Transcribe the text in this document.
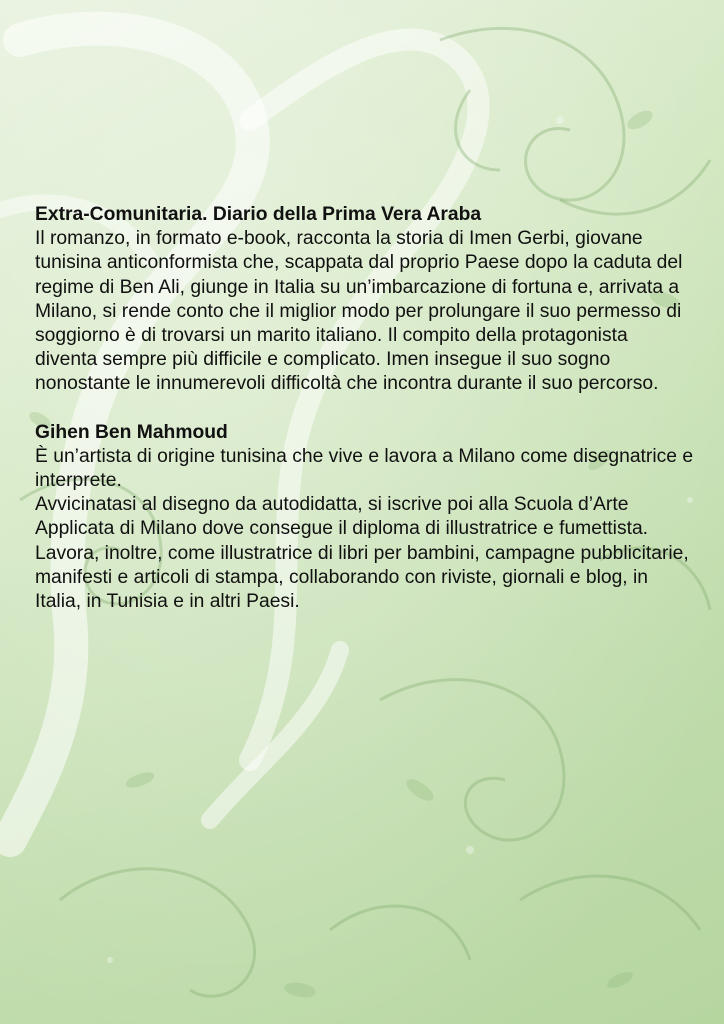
Extra-Comunitaria. Diario della Prima Vera Araba
Il romanzo, in formato e-book, racconta la storia di Imen Gerbi, giovane tunisina anticonformista che, scappata dal proprio Paese dopo la caduta del regime di Ben Ali, giunge in Italia su un’imbarcazione di fortuna e, arrivata a Milano, si rende conto che il miglior modo per prolungare il suo permesso di soggiorno è di trovarsi un marito italiano. Il compito della protagonista diventa sempre più difficile e complicato. Imen insegue il suo sogno nonostante le innumerevoli difficoltà che incontra durante il suo percorso.
Gihen Ben Mahmoud
È un’artista di origine tunisina che vive e lavora a Milano come disegnatrice e interprete.
Avvicinatasi al disegno da autodidatta, si iscrive poi alla Scuola d’Arte Applicata di Milano dove consegue il diploma di illustratrice e fumettista.
Lavora, inoltre, come illustratrice di libri per bambini, campagne pubblicitarie, manifesti e articoli di stampa, collaborando con riviste, giornali e blog, in Italia, in Tunisia e in altri Paesi.
